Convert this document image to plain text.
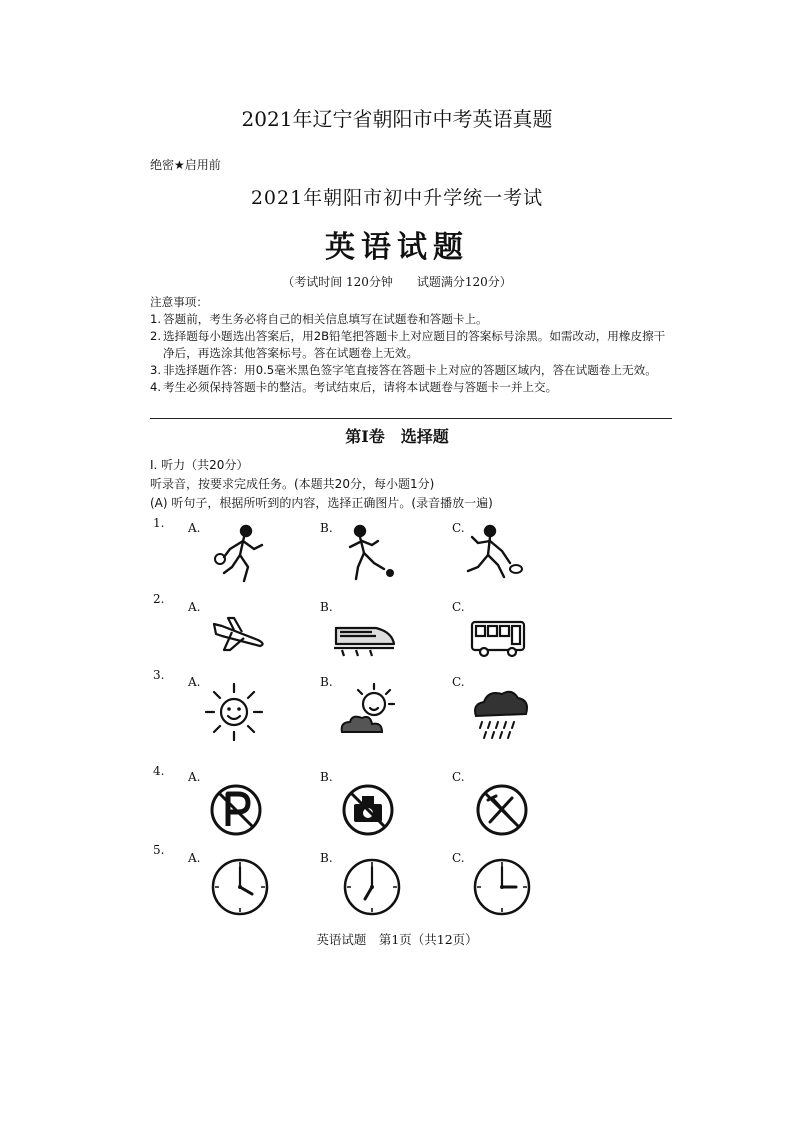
2021年辽宁省朝阳市中考英语真题
绝密★启用前
2021年朝阳市初中升学统一考试
英语试题
（考试时间 120分钟　　试题满分120分）
注意事项：
1. 答题前，考生务必将自己的相关信息填写在试题卷和答题卡上。
2. 选择题每小题选出答案后，用2B铅笔把答题卡上对应题目的答案标号涂黑。如需改动，用橡皮擦干净后，再选涂其他答案标号。答在试题卷上无效。
3. 非选择题作答：用0.5毫米黑色签字笔直接答在答题卡上对应的答题区域内，答在试题卷上无效。
4. 考生必须保持答题卡的整洁。考试结束后，请将本试题卷与答题卡一并上交。
第Ⅰ卷　选择题
Ⅰ. 听力（共20分）
听录音，按要求完成任务。(本题共20分，每小题1分)
(A) 听句子，根据所听到的内容，选择正确图片。(录音播放一遍)
1. A.	B.	C.
2.
A.	B.	C.
3. A.	B.	C.
4. A.	B.	C.
5.
A.	B.	C.
英语试题　第1页（共12页）
